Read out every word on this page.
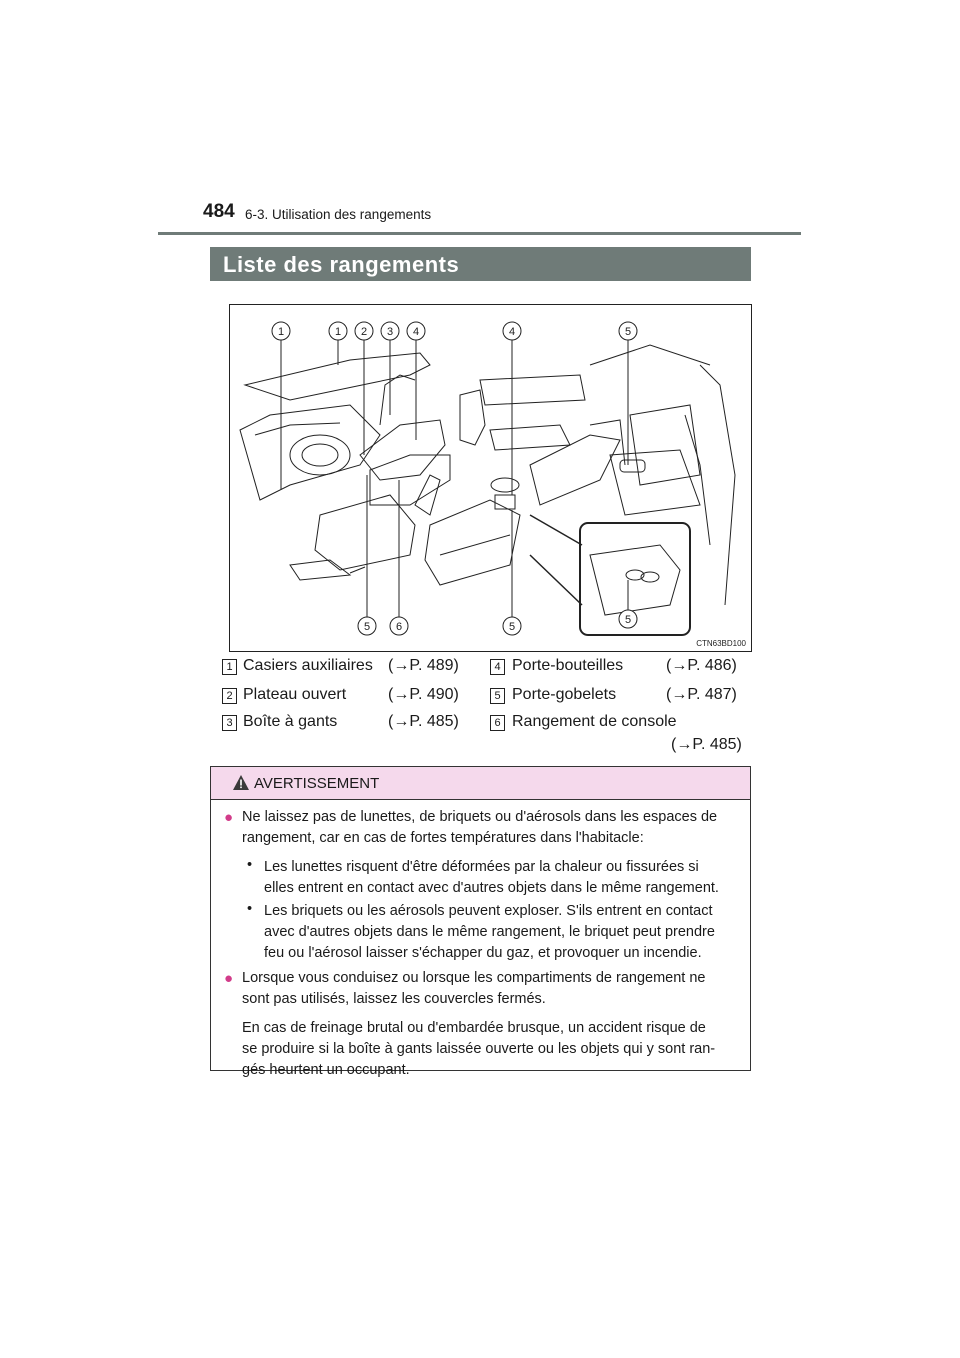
484 6-3. Utilisation des rangements
Liste des rangements
1	1 2 3 4	4	5
5 6	5
5
CTN63BD100
1 Casiers auxiliaires (→P. 489)
2 Plateau ouvert	(→P. 490)
3 Boîte à gants	(→P. 485)
4 Porte-bouteilles	(→P. 486)
5 Porte-gobelets	(→P. 487)
6 Rangement de console
(→P. 485)
AVERTISSEMENT
● Ne laissez pas de lunettes, de briquets ou d'aérosols dans les espaces de
rangement, car en cas de fortes températures dans l'habitacle:
• Les lunettes risquent d'être déformées par la chaleur ou fissurées si
elles entrent en contact avec d'autres objets dans le même rangement.
• Les briquets ou les aérosols peuvent exploser. S'ils entrent en contact
avec d'autres objets dans le même rangement, le briquet peut prendre
feu ou l'aérosol laisser s'échapper du gaz, et provoquer un incendie.
● Lorsque vous conduisez ou lorsque les compartiments de rangement ne
sont pas utilisés, laissez les couvercles fermés.
En cas de freinage brutal ou d'embardée brusque, un accident risque de
se produire si la boîte à gants laissée ouverte ou les objets qui y sont ran-
gés heurtent un occupant.
